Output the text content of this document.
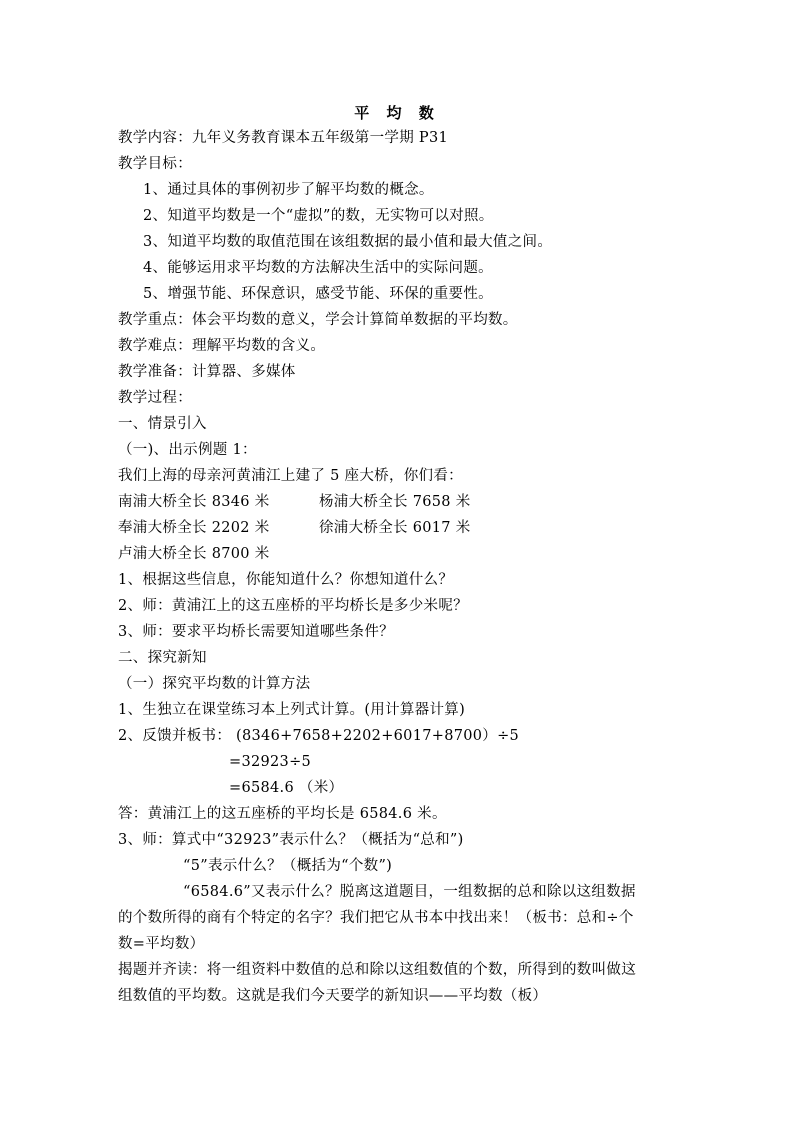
平 均 数
教学内容：九年义务教育课本五年级第一学期 P31
教学目标：
1、通过具体的事例初步了解平均数的概念。
2、知道平均数是一个“虚拟”的数，无实物可以对照。
3、知道平均数的取值范围在该组数据的最小值和最大值之间。
4、能够运用求平均数的方法解决生活中的实际问题。
5、增强节能、环保意识，感受节能、环保的重要性。
教学重点：体会平均数的意义，学会计算简单数据的平均数。
教学难点：理解平均数的含义。
教学准备：计算器、多媒体
教学过程：
一、情景引入
（一)、出示例题 1：
我们上海的母亲河黄浦江上建了 5 座大桥，你们看：
南浦大桥全长 8346 米	杨浦大桥全长 7658 米
奉浦大桥全长 2202 米	徐浦大桥全长 6017 米
卢浦大桥全长 8700 米
1、根据这些信息，你能知道什么？你想知道什么？
2、师：黄浦江上的这五座桥的平均桥长是多少米呢？
3、师：要求平均桥长需要知道哪些条件？
二、探究新知
（一）探究平均数的计算方法
1、生独立在课堂练习本上列式计算。(用计算器计算)
2、反馈并板书： (8346+7658+2202+6017+8700）÷5
=32923÷5
=6584.6 （米）
答：黄浦江上的这五座桥的平均长是 6584.6 米。
3、师：算式中“32923”表示什么？（概括为“总和”)
“5”表示什么？（概括为“个数”)
“6584.6”又表示什么？脱离这道题目，一组数据的总和除以这组数据
的个数所得的商有个特定的名字？我们把它从书本中找出来！（板书：总和÷个
数=平均数）
揭题并齐读：将一组资料中数值的总和除以这组数值的个数，所得到的数叫做这
组数值的平均数。这就是我们今天要学的新知识——平均数（板）
